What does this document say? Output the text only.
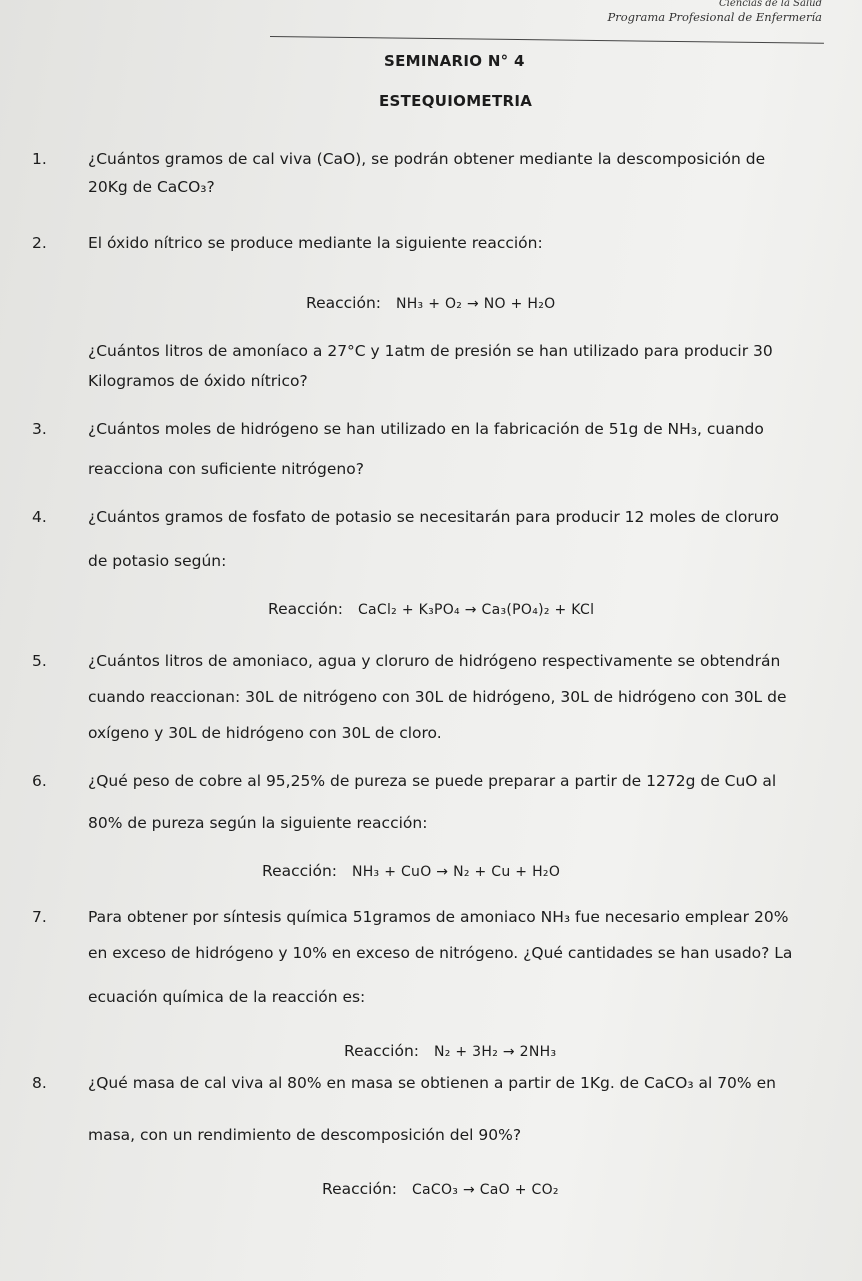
Ciencias de la Salud
Programa Profesional de Enfermería
SEMINARIO N° 4
ESTEQUIOMETRIA
1.	¿Cuántos gramos de cal viva (CaO), se podrán obtener mediante la descomposición de
20Kg de CaCO₃?
2.	El óxido nítrico se produce mediante la siguiente reacción:
Reacción: NH₃ + O₂ → NO + H₂O
¿Cuántos litros de amoníaco a 27°C y 1atm de presión se han utilizado para producir 30
Kilogramos de óxido nítrico?
3.	¿Cuántos moles de hidrógeno se han utilizado en la fabricación de 51g de NH₃, cuando
reacciona con suficiente nitrógeno?
4.	¿Cuántos gramos de fosfato de potasio se necesitarán para producir 12 moles de cloruro
de potasio según:
Reacción: CaCl₂ + K₃PO₄ → Ca₃(PO₄)₂ + KCl
5.	¿Cuántos litros de amoniaco, agua y cloruro de hidrógeno respectivamente se obtendrán
cuando reaccionan: 30L de nitrógeno con 30L de hidrógeno, 30L de hidrógeno con 30L de
oxígeno y 30L de hidrógeno con 30L de cloro.
6.	¿Qué peso de cobre al 95,25% de pureza se puede preparar a partir de 1272g de CuO al
80% de pureza según la siguiente reacción:
Reacción: NH₃ + CuO → N₂ + Cu + H₂O
7.	Para obtener por síntesis química 51gramos de amoniaco NH₃ fue necesario emplear 20%
en exceso de hidrógeno y 10% en exceso de nitrógeno. ¿Qué cantidades se han usado? La
ecuación química de la reacción es:
Reacción: N₂ + 3H₂ → 2NH₃
8.	¿Qué masa de cal viva al 80% en masa se obtienen a partir de 1Kg. de CaCO₃ al 70% en
masa, con un rendimiento de descomposición del 90%?
Reacción: CaCO₃ → CaO + CO₂
